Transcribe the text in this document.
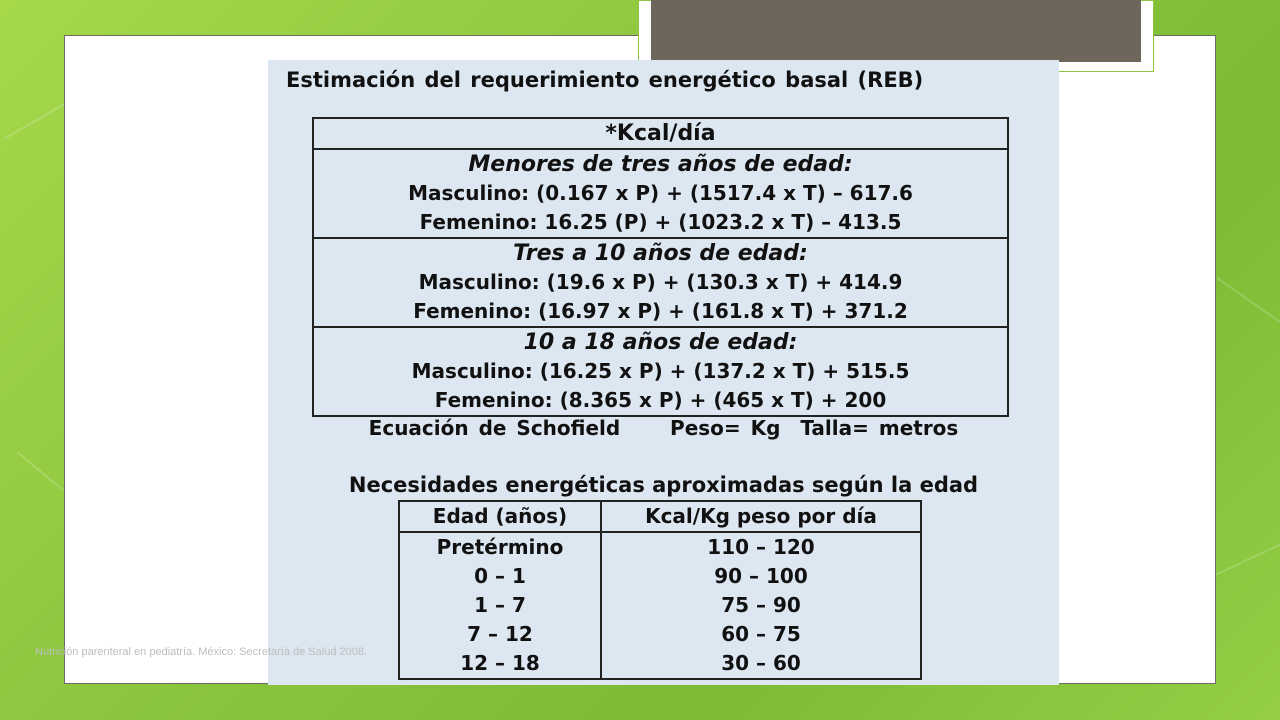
Estimación del requerimiento energético basal (REB)
*Kcal/día

Menores de tres años de edad:
Masculino: (0.167 x P) + (1517.4 x T) – 617.6
Femenino: 16.25 (P) + (1023.2 x T) – 413.5

Tres a 10 años de edad:
Masculino: (19.6 x P) + (130.3 x T) + 414.9
Femenino: (16.97 x P) + (161.8 x T) + 371.2

10 a 18 años de edad:
Masculino: (16.25 x P) + (137.2 x T) + 515.5
Femenino: (8.365 x P) + (465 x T) + 200
Ecuación de Schofield     Peso= Kg  Talla= metros
Necesidades energéticas aproximadas según la edad
Edad (años)	Kcal/Kg peso por día
Pretérmino	110 – 120
0 – 1	90 – 100
1 – 7	75 – 90
7 – 12	60 – 75
12 – 18	30 – 60
Nutrición parenteral en pediatría. México: Secretaría de Salud 2008.
